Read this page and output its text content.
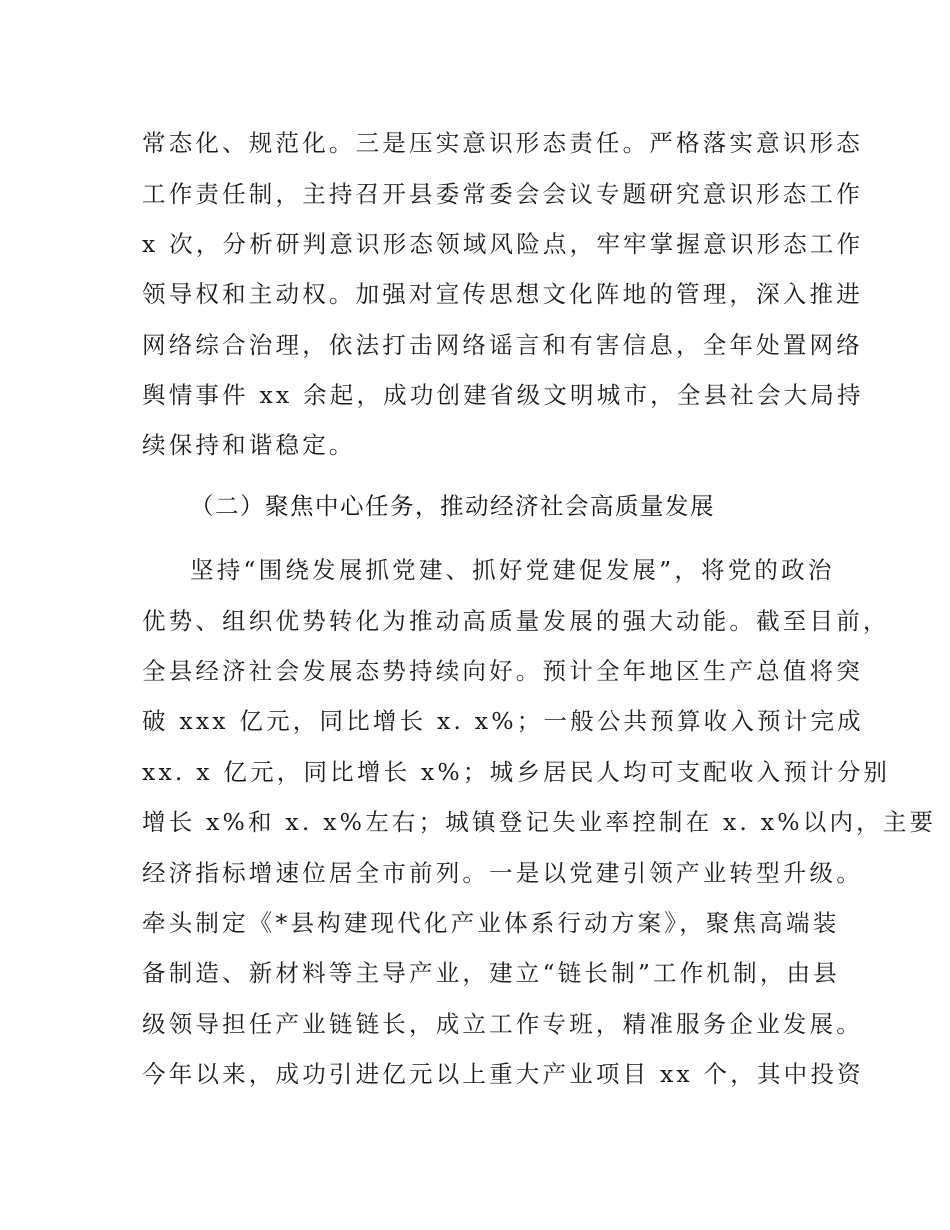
常态化、规范化。三是压实意识形态责任。严格落实意识形态
工作责任制，主持召开县委常委会会议专题研究意识形态工作
x 次，分析研判意识形态领域风险点，牢牢掌握意识形态工作
领导权和主动权。加强对宣传思想文化阵地的管理，深入推进
网络综合治理，依法打击网络谣言和有害信息，全年处置网络
舆情事件 xx 余起，成功创建省级文明城市，全县社会大局持
续保持和谐稳定。
（二）聚焦中心任务，推动经济社会高质量发展
坚持“围绕发展抓党建、抓好党建促发展”，将党的政治
优势、组织优势转化为推动高质量发展的强大动能。截至目前，
全县经济社会发展态势持续向好。预计全年地区生产总值将突
破 xxx 亿元，同比增长 x. x%；一般公共预算收入预计完成
xx. x 亿元，同比增长 x%；城乡居民人均可支配收入预计分别
增长 x%和 x. x%左右；城镇登记失业率控制在 x. x%以内，主要
经济指标增速位居全市前列。一是以党建引领产业转型升级。
牵头制定《*县构建现代化产业体系行动方案》，聚焦高端装
备制造、新材料等主导产业，建立“链长制”工作机制，由县
级领导担任产业链链长，成立工作专班，精准服务企业发展。
今年以来，成功引进亿元以上重大产业项目 xx 个，其中投资
